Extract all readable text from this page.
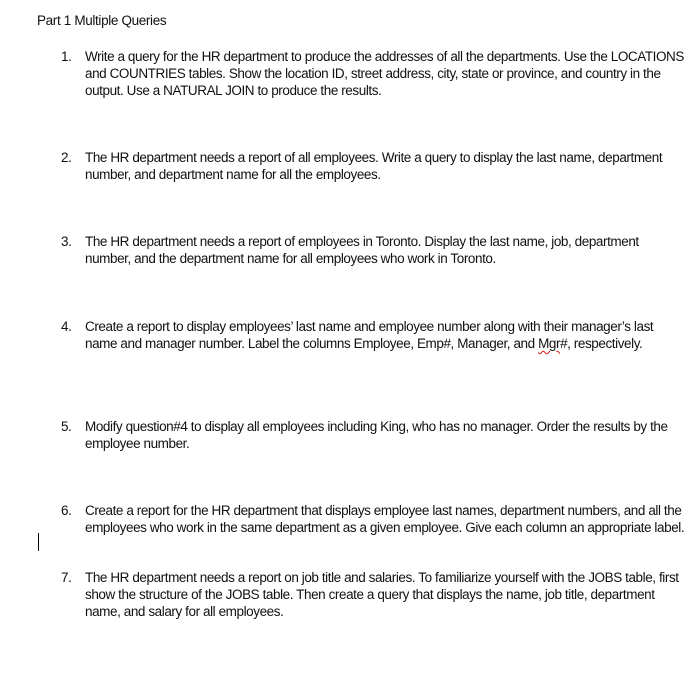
Part 1 Multiple Queries
1.	Write a query for the HR department to produce the addresses of all the departments. Use the LOCATIONS
and COUNTRIES tables. Show the location ID, street address, city, state or province, and country in the
output. Use a NATURAL JOIN to produce the results.
2.	The HR department needs a report of all employees. Write a query to display the last name, department
number, and department name for all the employees.
3.	The HR department needs a report of employees in Toronto. Display the last name, job, department
number, and the department name for all employees who work in Toronto.
4.	Create a report to display employees’ last name and employee number along with their manager’s last
name and manager number. Label the columns Employee, Emp#, Manager, and Mgr#, respectively.
5.	Modify question#4 to display all employees including King, who has no manager. Order the results by the
employee number.
6.	Create a report for the HR department that displays employee last names, department numbers, and all the
employees who work in the same department as a given employee. Give each column an appropriate label.
7.	The HR department needs a report on job title and salaries. To familiarize yourself with the JOBS table, first
show the structure of the JOBS table. Then create a query that displays the name, job title, department
name, and salary for all employees.
